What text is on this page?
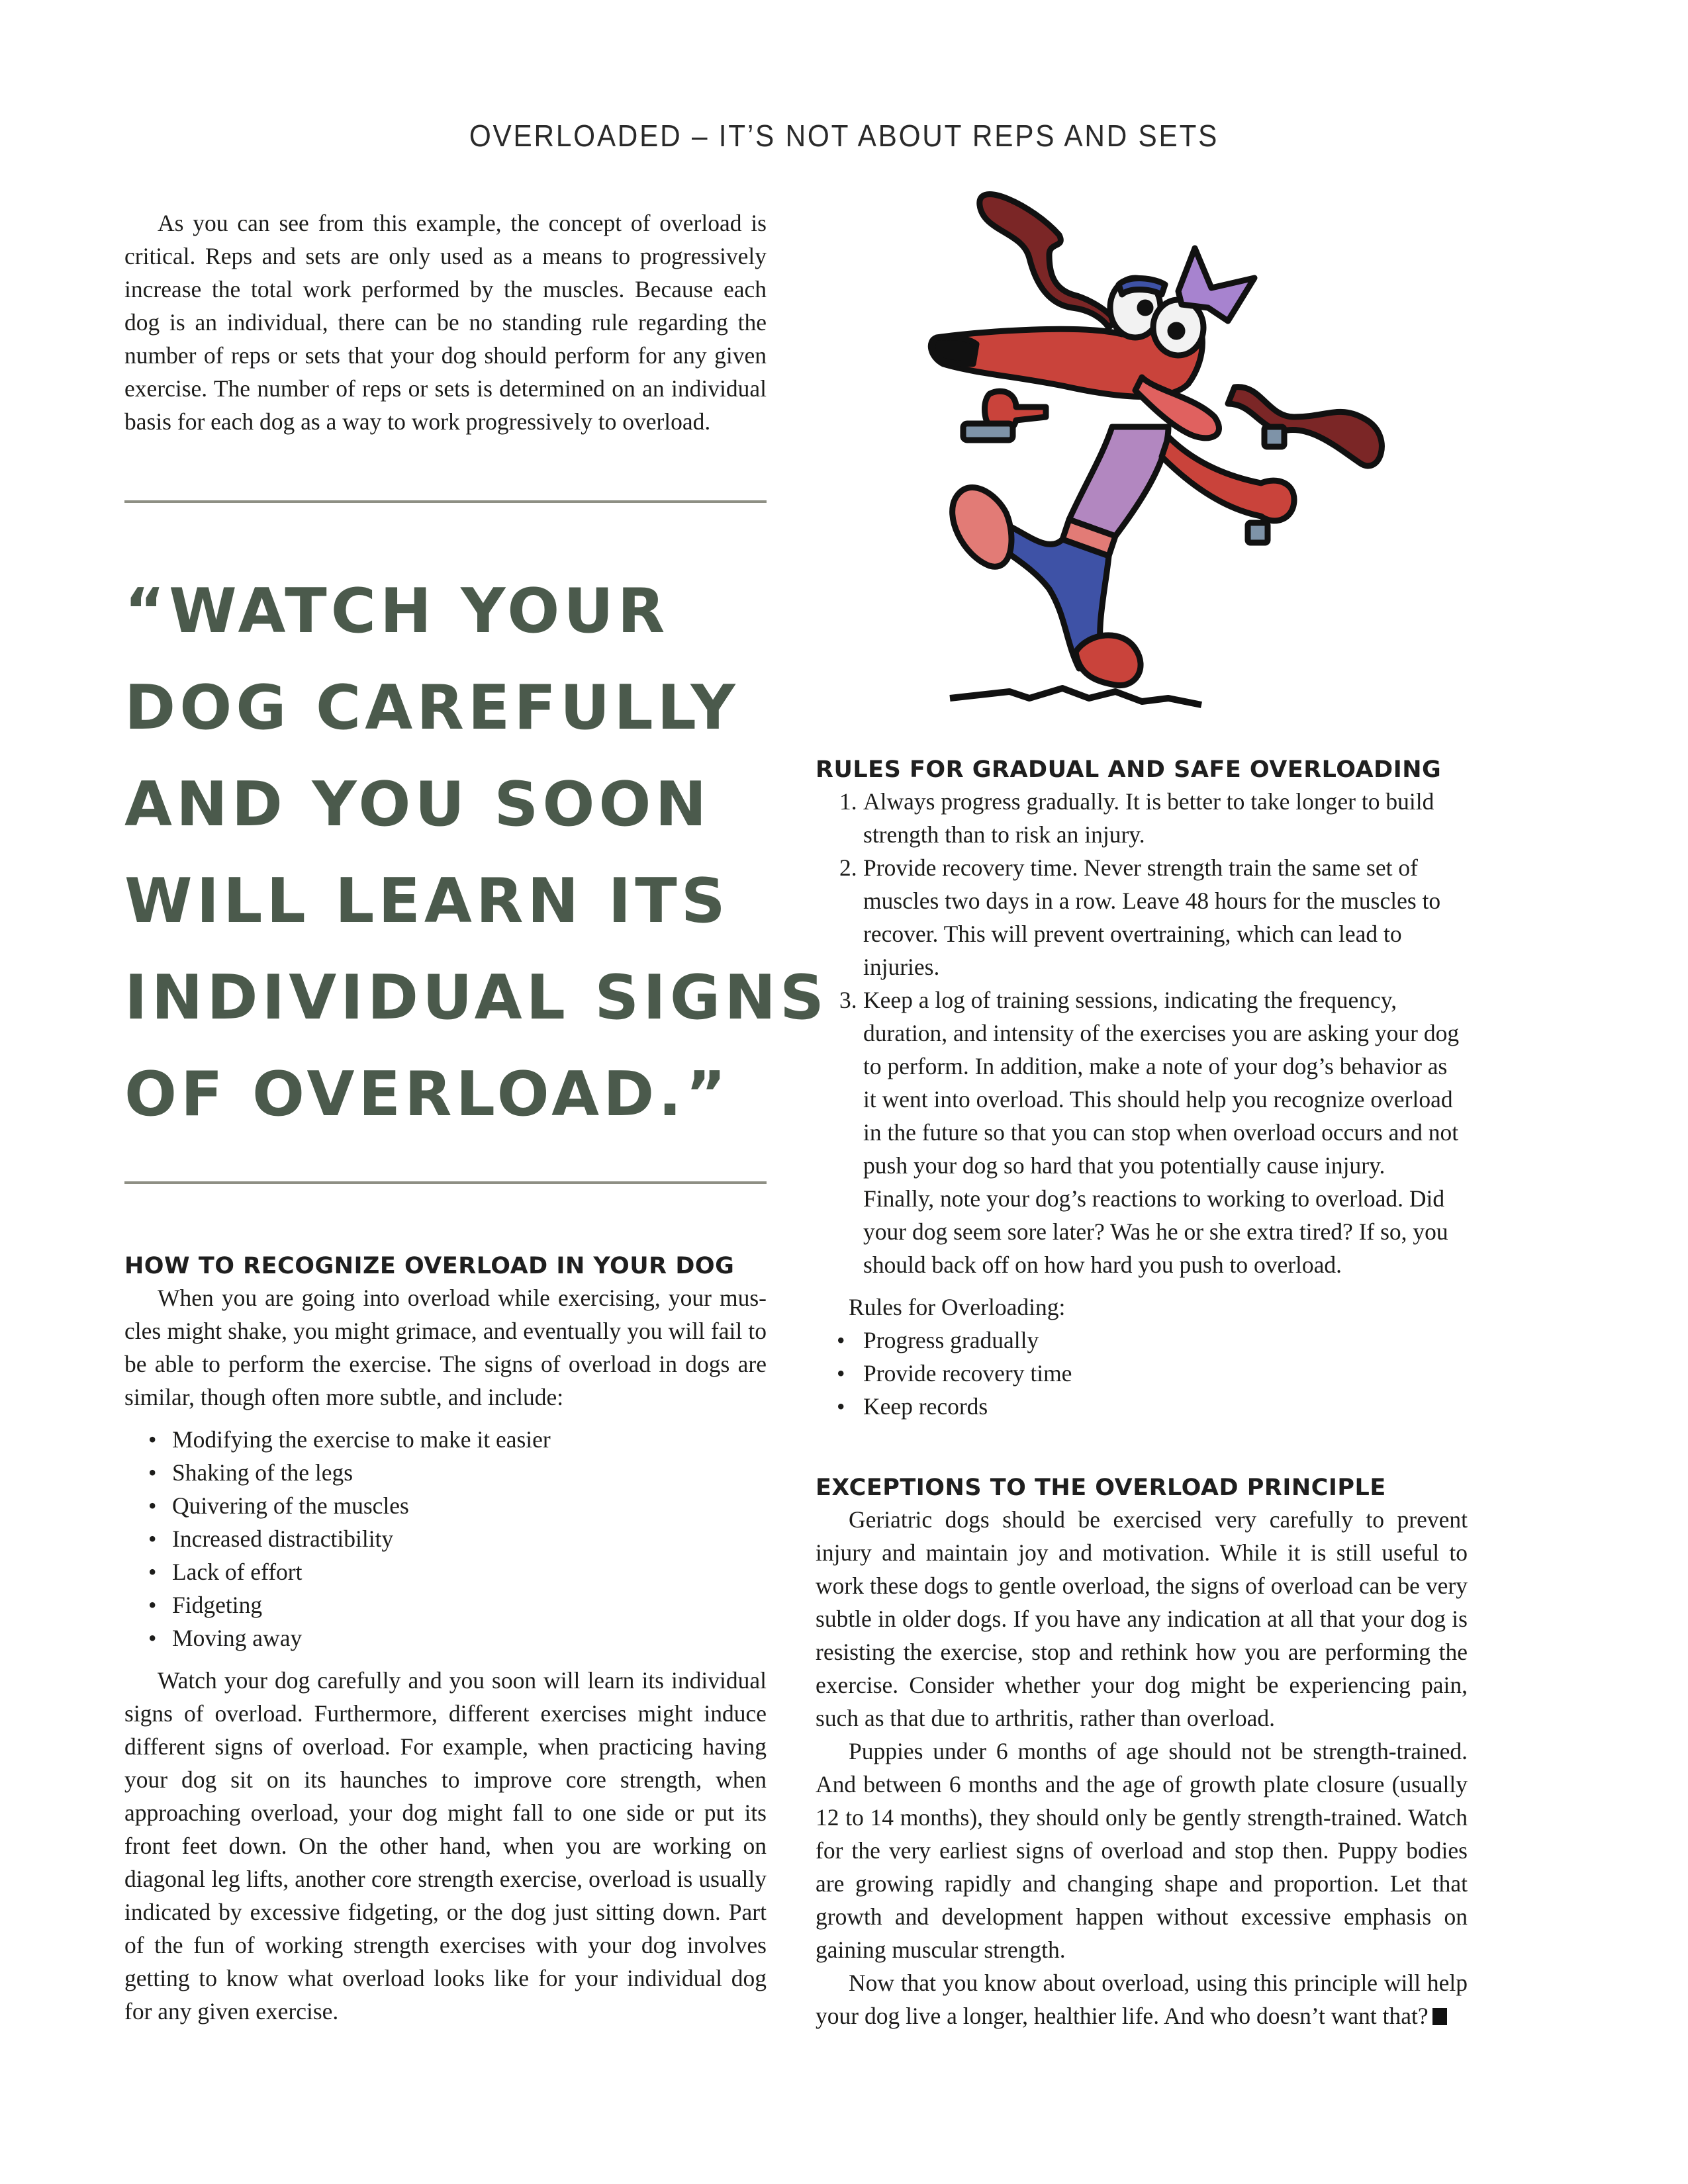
OVERLOADED – IT’S NOT ABOUT REPS AND SETS

As you can see from this example, the concept of overload is critical. Reps and sets are only used as a means to progressively increase the total work performed by the muscles. Because each dog is an individual, there can be no standing rule regarding the number of reps or sets that your dog should perform for any given exercise. The number of reps or sets is determined on an individual basis for each dog as a way to work progressively to overload.

“WATCH YOUR
DOG CAREFULLY
AND YOU SOON
WILL LEARN ITS
INDIVIDUAL SIGNS
OF OVERLOAD.”
HOW TO RECOGNIZE OVERLOAD IN YOUR DOG

When you are going into overload while exercising, your muscles might shake, you might grimace, and eventually you will fail to be able to perform the exercise. The signs of overload in dogs are similar, though often more subtle, and include:

• Modifying the exercise to make it easier
• Shaking of the legs
• Quivering of the muscles
• Increased distractibility
• Lack of effort
• Fidgeting
• Moving away

Watch your dog carefully and you soon will learn its individual signs of overload. Furthermore, different exercises might induce different signs of overload. For example, when practicing having your dog sit on its haunches to improve core strength, when approaching overload, your dog might fall to one side or put its front feet down. On the other hand, when you are working on diagonal leg lifts, another core strength exercise, overload is usually indicated by excessive fidgeting, or the dog just sitting down. Part of the fun of working strength exercises with your dog involves getting to know what overload looks like for your individual dog for any given exercise.

RULES FOR GRADUAL AND SAFE OVERLOADING
1. Always progress gradually. It is better to take longer to build strength than to risk an injury.
2. Provide recovery time. Never strength train the same set of muscles two days in a row. Leave 48 hours for the muscles to recover. This will prevent overtraining, which can lead to injuries.
3. Keep a log of training sessions, indicating the frequency, duration, and intensity of the exercises you are asking your dog to perform. In addition, make a note of your dog’s behavior as it went into overload. This should help you recognize overload in the future so that you can stop when overload occurs and not push your dog so hard that you potentially cause injury. Finally, note your dog’s reactions to working to overload. Did your dog seem sore later? Was he or she extra tired? If so, you should back off on how hard you push to overload.
Rules for Overloading:
• Progress gradually
• Provide recovery time
• Keep records
EXCEPTIONS TO THE OVERLOAD PRINCIPLE

Geriatric dogs should be exercised very carefully to prevent injury and maintain joy and motivation. While it is still useful to work these dogs to gentle overload, the signs of overload can be very subtle in older dogs. If you have any indication at all that your dog is resisting the exercise, stop and rethink how you are performing the exercise. Consider whether your dog might be experiencing pain, such as that due to arthritis, rather than overload.

Puppies under 6 months of age should not be strength-trained. And between 6 months and the age of growth plate closure (usually 12 to 14 months), they should only be gently strength-trained. Watch for the very earliest signs of overload and stop then. Puppy bodies are growing rapidly and changing shape and proportion. Let that growth and development happen without excessive emphasis on gaining muscular strength.

Now that you know about overload, using this principle will help your dog live a longer, healthier life. And who doesn’t want that?
